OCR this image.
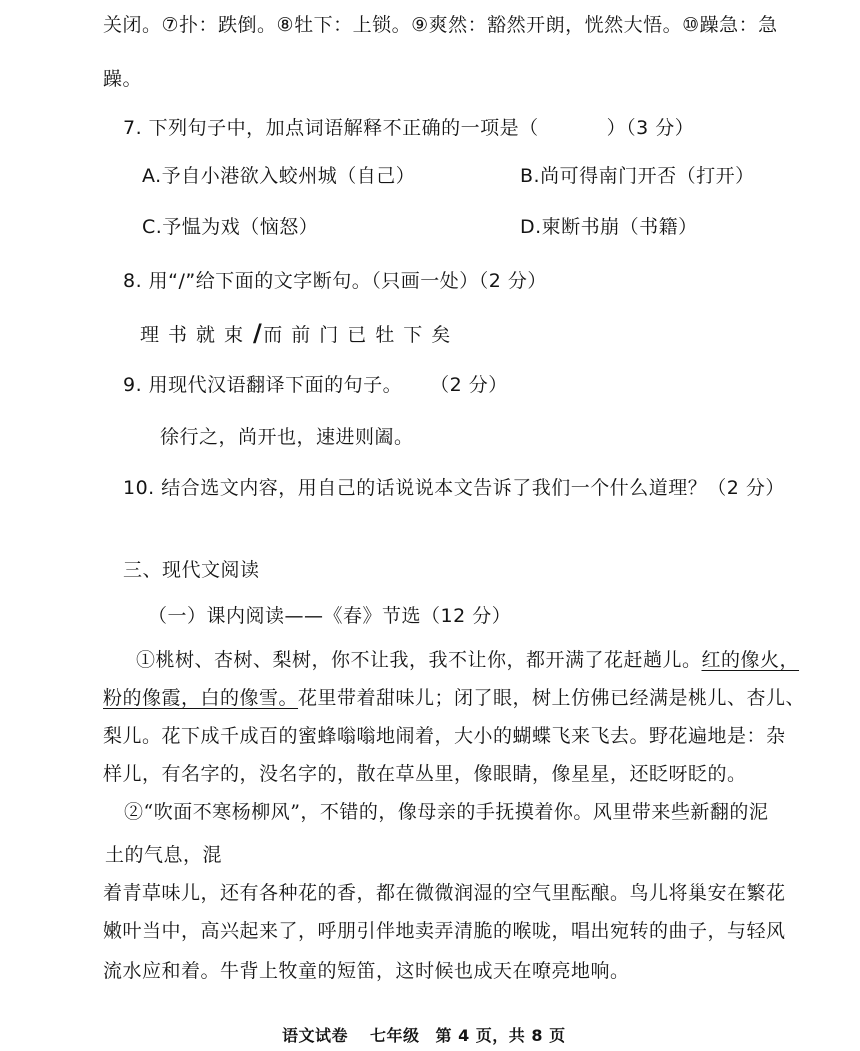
关闭。⑦扑：跌倒。⑧牡下：上锁。⑨爽然：豁然开朗，恍然大悟。⑩躁急：急
躁。
7. 下列句子中，加点词语解释不正确的一项是（	）（3 分）
A.予自小港欲入蛟州城（自己）	B.尚可得南门开否（打开）
C.予愠为戏（恼怒）	D.柬断书崩（书籍）
8. 用“/”给下面的文字断句。（只画一处）（2 分）
理书就束/而前门已牡下矣
9. 用现代汉语翻译下面的句子。 （2 分）
徐行之，尚开也，速进则阖。
10. 结合选文内容，用自己的话说说本文告诉了我们一个什么道理？（2 分）
三、现代文阅读
（一）课内阅读——《春》节选（12 分）
①桃树、杏树、梨树，你不让我，我不让你，都开满了花赶趟儿。红的像火，
粉的像霞，白的像雪。花里带着甜味儿；闭了眼，树上仿佛已经满是桃儿、杏儿、
梨儿。花下成千成百的蜜蜂嗡嗡地闹着，大小的蝴蝶飞来飞去。野花遍地是：杂
样儿，有名字的，没名字的，散在草丛里，像眼睛，像星星，还眨呀眨的。
②“吹面不寒杨柳风”，不错的，像母亲的手抚摸着你。风里带来些新翻的泥
土的气息，混
着青草味儿，还有各种花的香，都在微微润湿的空气里酝酿。鸟儿将巢安在繁花
嫩叶当中，高兴起来了，呼朋引伴地卖弄清脆的喉咙，唱出宛转的曲子，与轻风
流水应和着。牛背上牧童的短笛，这时候也成天在嘹亮地响。
语文试卷 七年级 第 4 页，共 8 页
